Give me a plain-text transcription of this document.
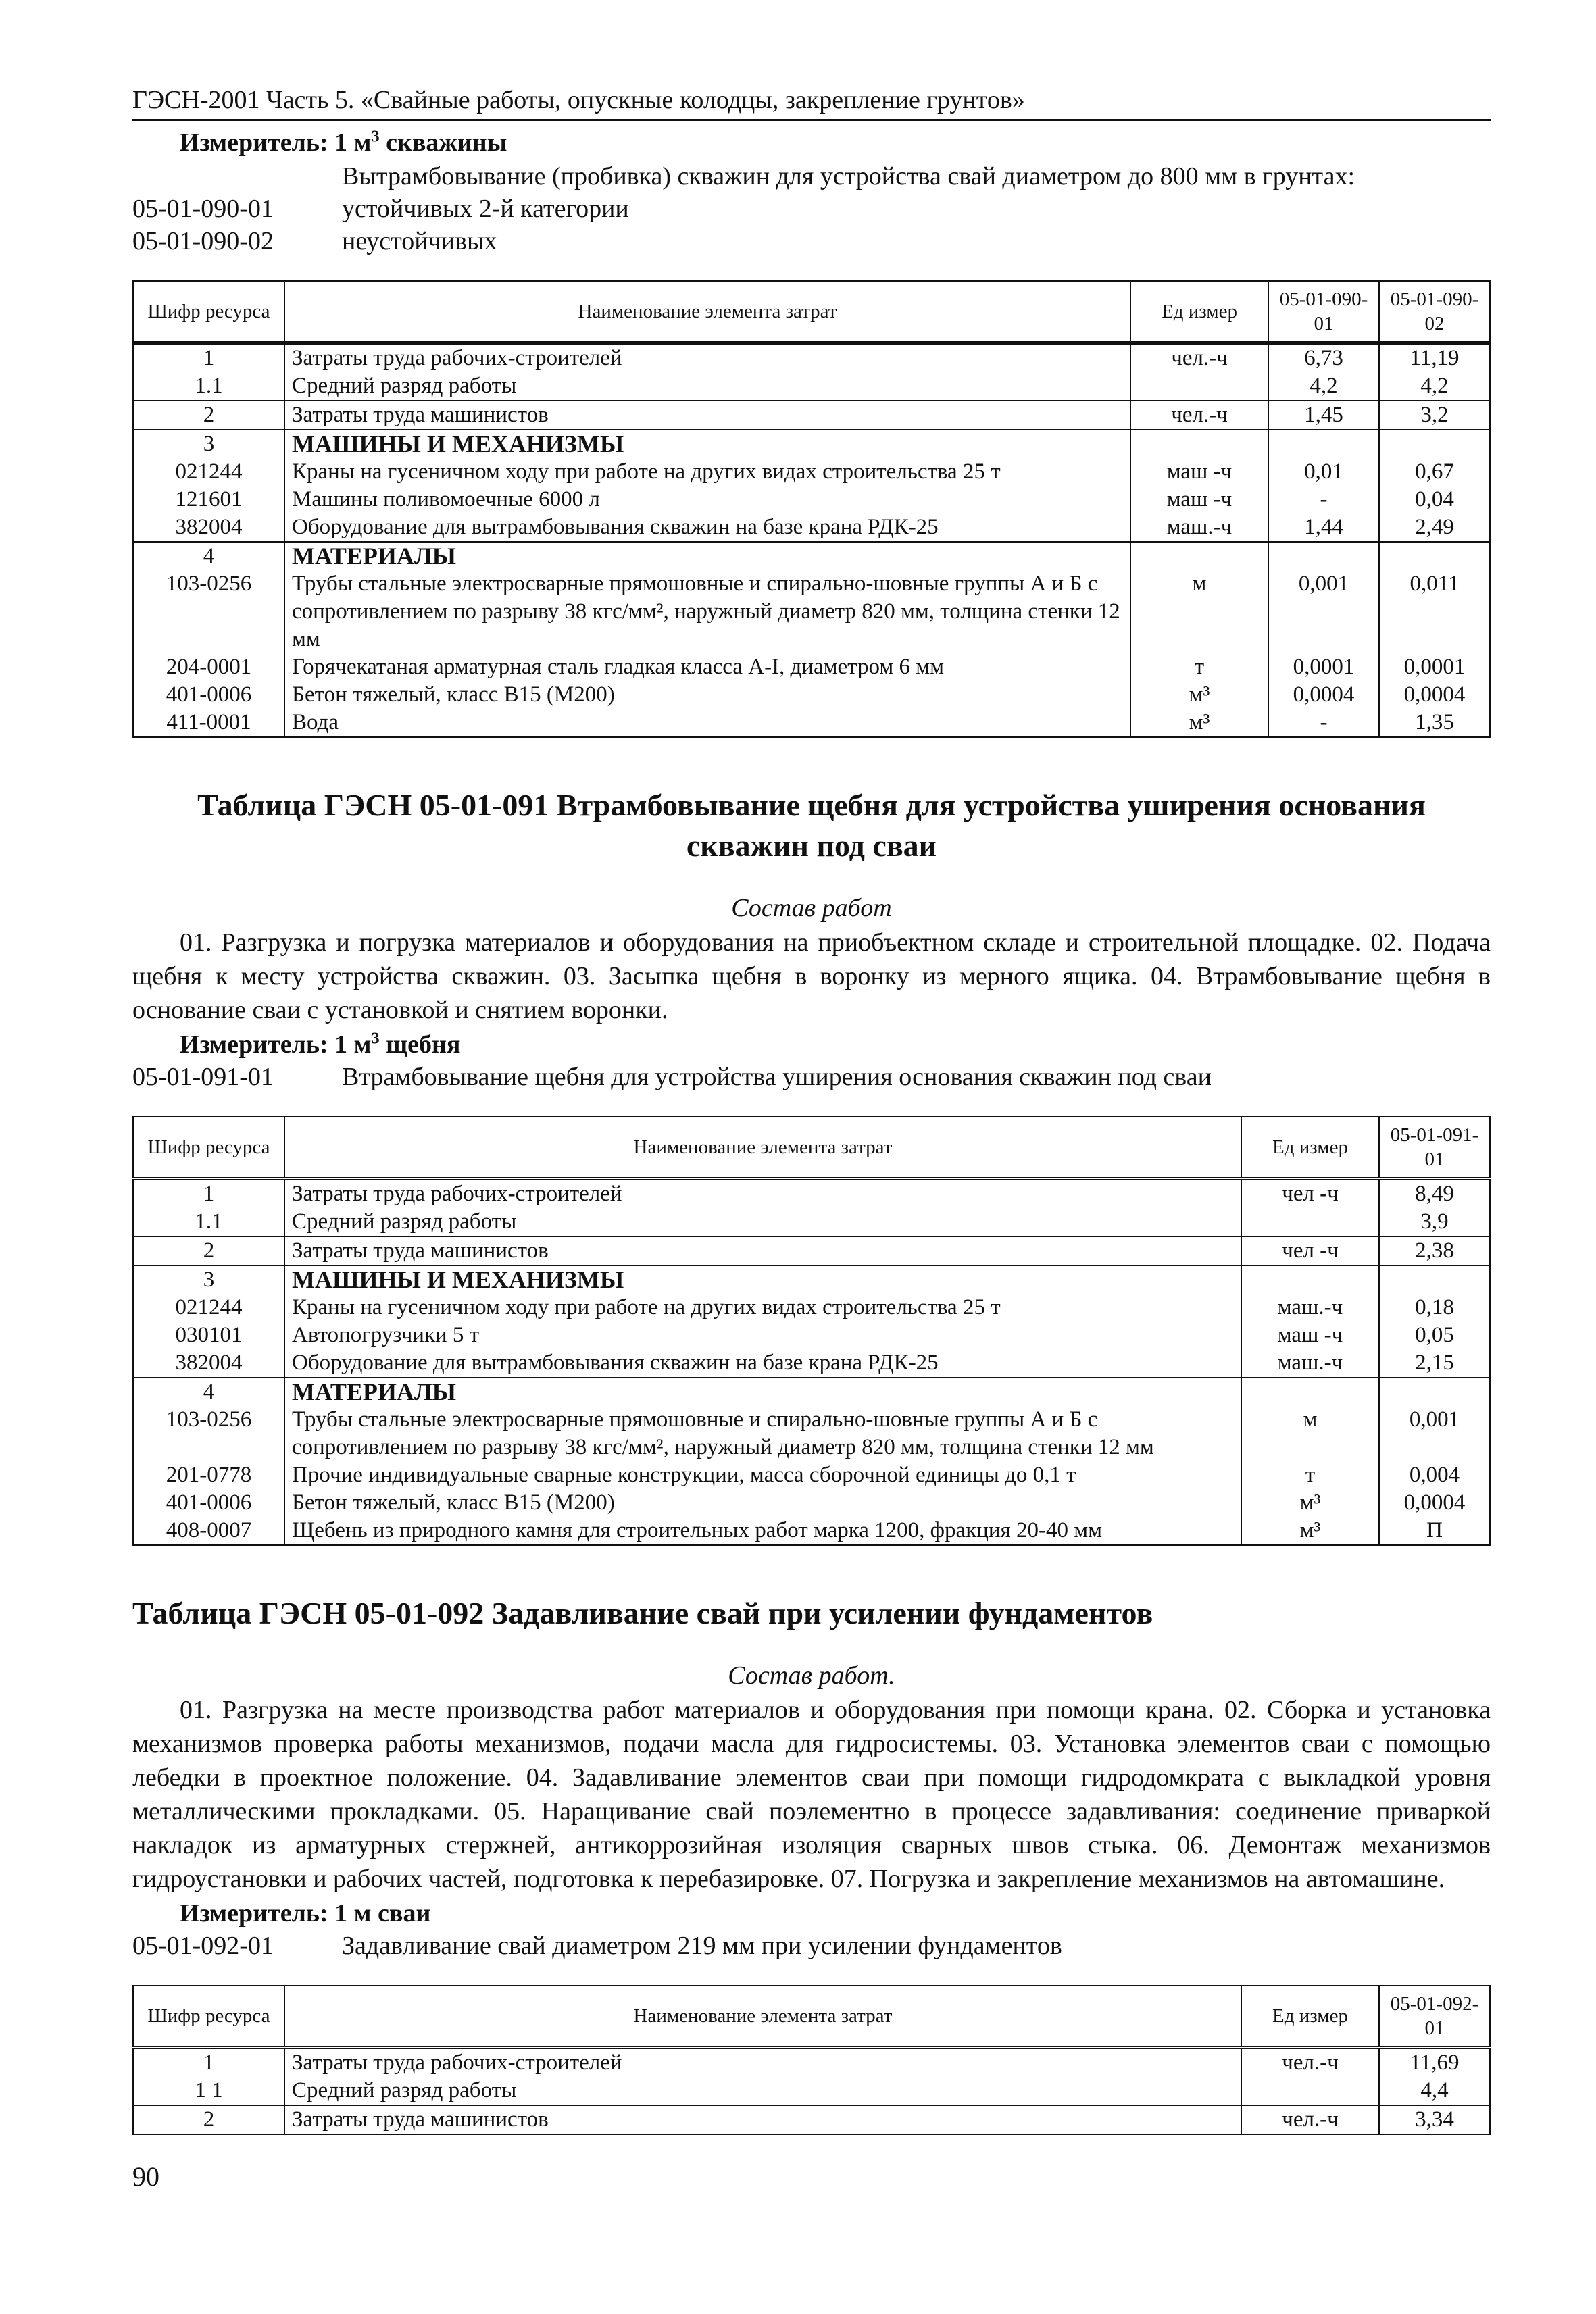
ГЭСН-2001 Часть 5. «Свайные работы, опускные колодцы, закрепление грунтов»
Измеритель: 1 $м^3$ скважины
Вытрамбовывание (пробивка) скважин для устройства свай диаметром до 800 мм в грунтах:
05-01-090-01	устойчивых 2-й категории
05-01-090-02	неустойчивых
Шифр ресурса	Наименование элемента затрат	Ед измер	05-01-090-01	05-01-090-02
1	Затраты труда рабочих-строителей	чел.-ч	6,73	11,19
1.1	Средний разряд работы		4,2	4,2
2	Затраты труда машинистов	чел.-ч	1,45	3,2
3	МАШИНЫ И МЕХАНИЗМЫ			
021244	Краны на гусеничном ходу при работе на других видах строительства 25 т	маш -ч	0,01	0,67
121601	Машины поливомоечные 6000 л	маш -ч	-	0,04
382004	Оборудование для вытрамбовывания скважин на базе крана РДК-25	маш.-ч	1,44	2,49
4	МАТЕРИАЛЫ			
103-0256	Трубы стальные электросварные прямошовные и спирально-шовные группы А и Б с сопротивлением по разрыву 38 кгс/мм², наружный диаметр 820 мм, толщина стенки 12 мм	м	0,001	0,011
204-0001	Горячекатаная арматурная сталь гладкая класса А-I, диаметром 6 мм	т	0,0001	0,0001
401-0006	Бетон тяжелый, класс В15 (М200)	м³	0,0004	0,0004
411-0001	Вода	м³	-	1,35
Таблица ГЭСН 05-01-091 Втрамбовывание щебня для устройства уширения основания скважин под сваи
Состав работ
01. Разгрузка и погрузка материалов и оборудования на приобъектном складе и строительной площадке. 02. Подача щебня к месту устройства скважин. 03. Засыпка щебня в воронку из мерного ящика. 04. Втрамбовывание щебня в основание сваи с установкой и снятием воронки.
Измеритель: 1 $м^3$ щебня
05-01-091-01	Втрамбовывание щебня для устройства уширения основания скважин под сваи
Шифр ресурса	Наименование элемента затрат	Ед измер	05-01-091-01
1	Затраты труда рабочих-строителей	чел -ч	8,49
1.1	Средний разряд работы		3,9
2	Затраты труда машинистов	чел -ч	2,38
3	МАШИНЫ И МЕХАНИЗМЫ		
021244	Краны на гусеничном ходу при работе на других видах строительства 25 т	маш.-ч	0,18
030101	Автопогрузчики 5 т	маш -ч	0,05
382004	Оборудование для вытрамбовывания скважин на базе крана РДК-25	маш.-ч	2,15
4	МАТЕРИАЛЫ		
103-0256	Трубы стальные электросварные прямошовные и спирально-шовные группы А и Б с сопротивлением по разрыву 38 кгс/мм², наружный диаметр 820 мм, толщина стенки 12 мм	м	0,001
201-0778	Прочие индивидуальные сварные конструкции, масса сборочной единицы до 0,1 т	т	0,004
401-0006	Бетон тяжелый, класс В15 (М200)	м³	0,0004
408-0007	Щебень из природного камня для строительных работ марка 1200, фракция 20-40 мм	м³	П
Таблица ГЭСН 05-01-092 Задавливание свай при усилении фундаментов
Состав работ.
01. Разгрузка на месте производства работ материалов и оборудования при помощи крана. 02. Сборка и установка механизмов проверка работы механизмов, подачи масла для гидросистемы. 03. Установка элементов сваи с помощью лебедки в проектное положение. 04. Задавливание элементов сваи при помощи гидродомкрата с выкладкой уровня металлическими прокладками. 05. Наращивание свай поэлементно в процессе задавливания: соединение приваркой накладок из арматурных стержней, антикоррозийная изоляция сварных швов стыка. 06. Демонтаж механизмов гидроустановки и рабочих частей, подготовка к перебазировке. 07. Погрузка и закрепление механизмов на автомашине.
Измеритель: 1 м сваи
05-01-092-01	Задавливание свай диаметром 219 мм при усилении фундаментов
Шифр ресурса	Наименование элемента затрат	Ед измер	05-01-092-01
1	Затраты труда рабочих-строителей	чел.-ч	11,69
1 1	Средний разряд работы		4,4
2	Затраты труда машинистов	чел.-ч	3,34
90
